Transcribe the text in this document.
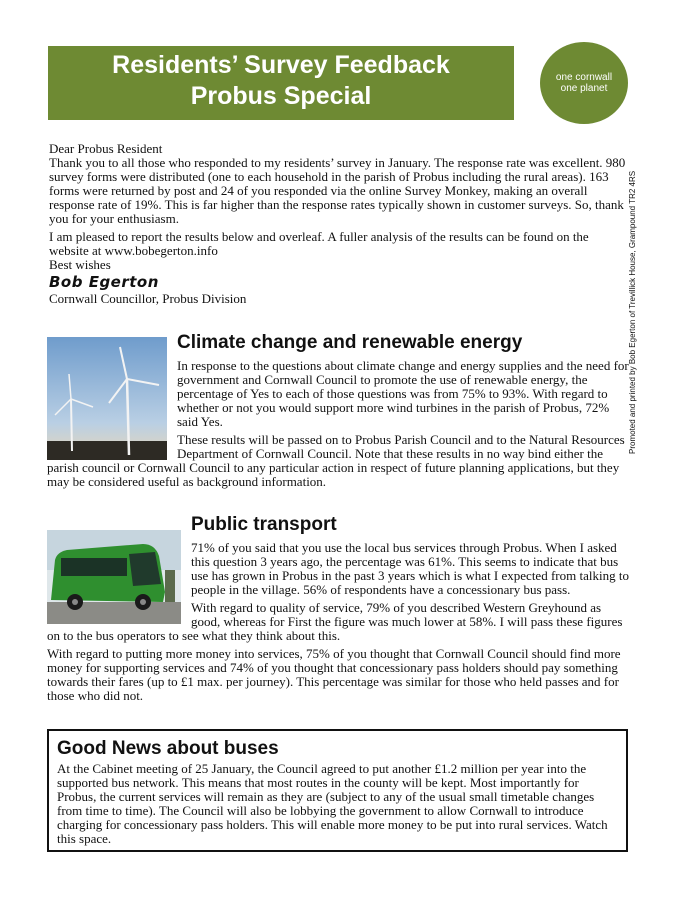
Residents’ Survey Feedback
Probus Special
one cornwall
one planet
Promoted and printed by Bob Egerton of Trevillick House, Grampound TR2 4RS

Dear Probus Resident

Thank you to all those who responded to my residents’ survey in January. The response rate was excellent. 980 survey forms were distributed (one to each household in the parish of Probus including the rural areas). 163 forms were returned by post and 24 of you responded via the online Survey Monkey, making an overall response rate of 19%. This is far higher than the response rates typically shown in customer surveys. So, thank you for your enthusiasm.

I am pleased to report the results below and overleaf. A fuller analysis of the results can be found on the website at www.bobegerton.info

Best wishes

Bob Egerton

Cornwall Councillor, Probus Division

Climate change and renewable energy

In response to the questions about climate change and energy supplies and the need for government and Cornwall Council to promote the use of renewable energy, the percentage of Yes to each of those questions was from 75% to 93%. With regard to whether or not you would support more wind turbines in the parish of Probus, 72% said Yes.

These results will be passed on to Probus Parish Council and to the Natural Resources Department of Cornwall Council. Note that these results in no way bind either the parish council or Cornwall Council to any particular action in respect of future planning applications, but they may be considered useful as background information.

Public transport

71% of you said that you use the local bus services through Probus. When I asked this question 3 years ago, the percentage was 61%. This seems to indicate that bus use has grown in Probus in the past 3 years which is what I expected from talking to people in the village. 56% of respondents have a concessionary bus pass.

With regard to quality of service, 79% of you described Western Greyhound as good, whereas for First the figure was much lower at 58%. I will pass these figures on to the bus operators to see what they think about this.

With regard to putting more money into services, 75% of you thought that Cornwall Council should find more money for supporting services and 74% of you thought that concessionary pass holders should pay something towards their fares (up to £1 max. per journey). This percentage was similar for those who held passes and for those who did not.

Good News about buses

At the Cabinet meeting of 25 January, the Council agreed to put another £1.2 million per year into the supported bus network. This means that most routes in the county will be kept. Most importantly for Probus, the current services will remain as they are (subject to any of the usual small timetable changes from time to time). The Council will also be lobbying the government to allow Cornwall to introduce charging for concessionary pass holders. This will enable more money to be put into rural services. Watch this space.
